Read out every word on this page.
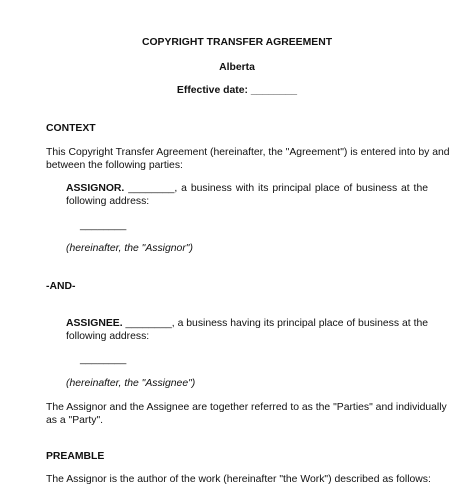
COPYRIGHT TRANSFER AGREEMENT
Alberta
Effective date: ________
CONTEXT
This Copyright Transfer Agreement (hereinafter, the "Agreement") is entered into by and
between the following parties:
ASSIGNOR. ________, a business with its principal place of business at the
following address:
________
(hereinafter, the "Assignor")
-AND-
ASSIGNEE. ________, a business having its principal place of business at the
following address:
________
(hereinafter, the "Assignee")
The Assignor and the Assignee are together referred to as the "Parties" and individually
as a "Party".
PREAMBLE
The Assignor is the author of the work (hereinafter "the Work") described as follows:
